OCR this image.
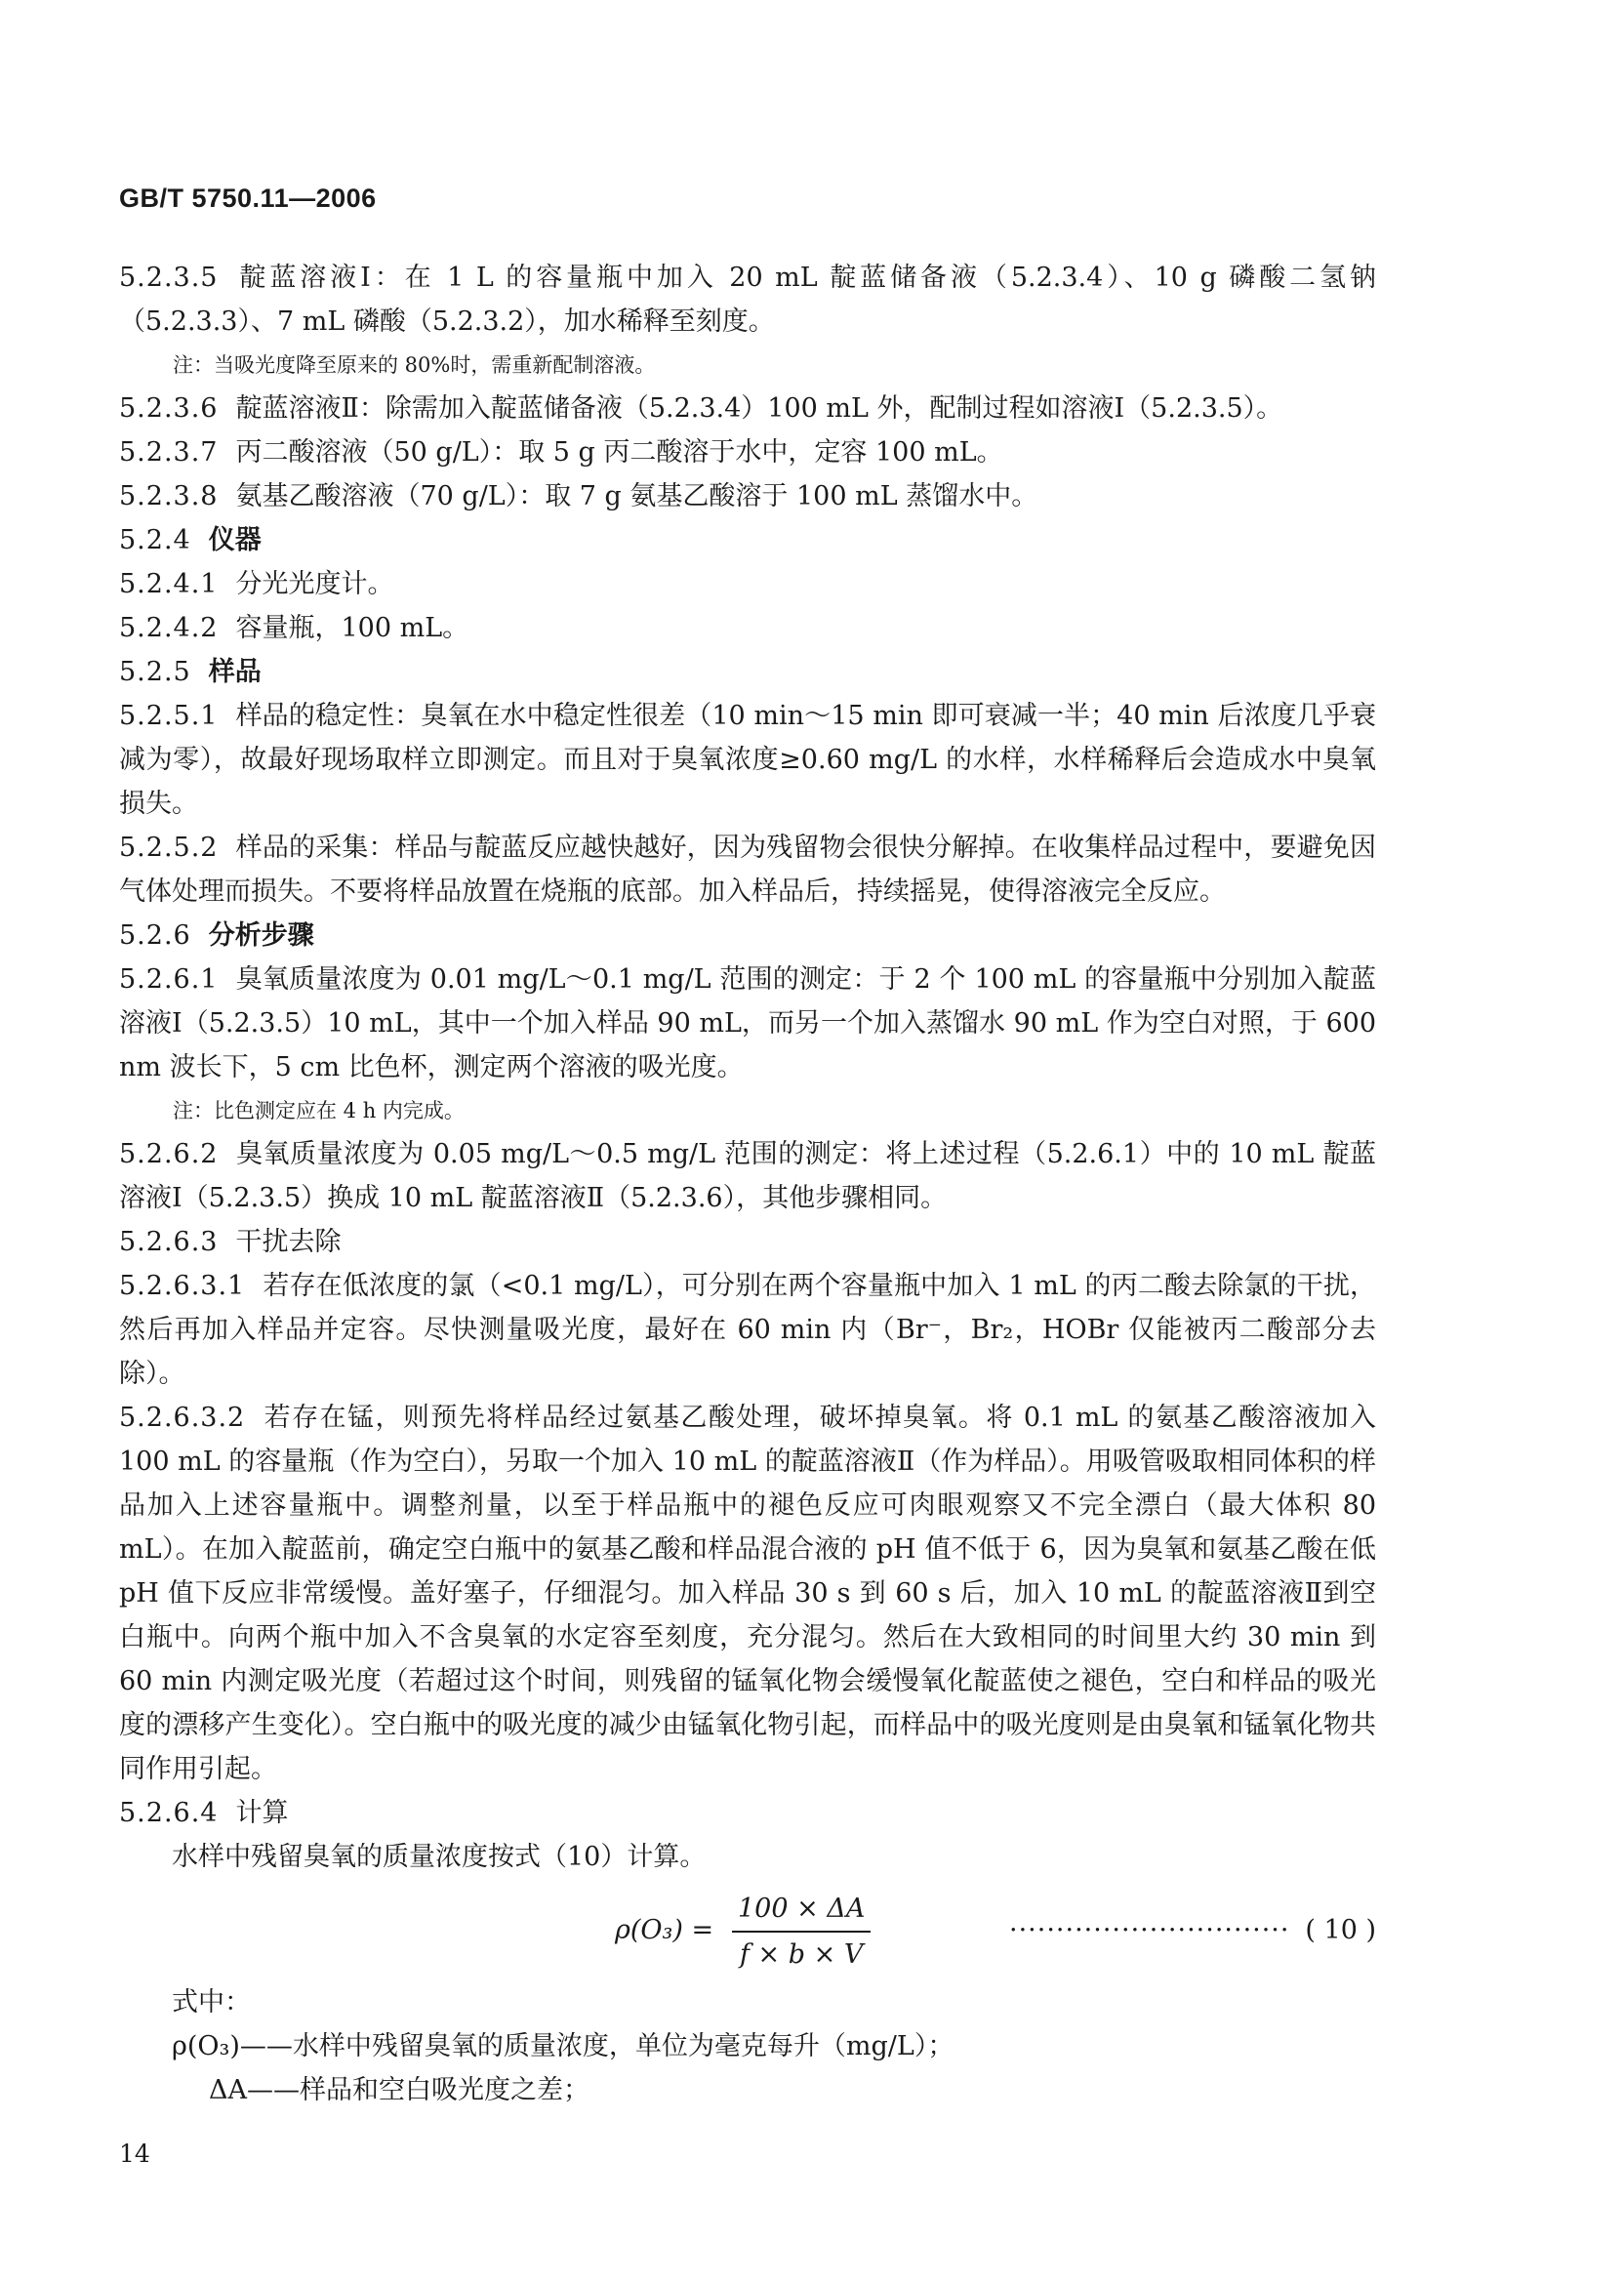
GB/T 5750.11—2006

5.2.3.5 靛蓝溶液Ⅰ：在 1 L 的容量瓶中加入 20 mL 靛蓝储备液（5.2.3.4）、10 g 磷酸二氢钠（5.2.3.3）、7 mL 磷酸（5.2.3.2），加水稀释至刻度。

注：当吸光度降至原来的 80%时，需重新配制溶液。

5.2.3.6 靛蓝溶液Ⅱ：除需加入靛蓝储备液（5.2.3.4）100 mL 外，配制过程如溶液Ⅰ（5.2.3.5）。

5.2.3.7 丙二酸溶液（50 g/L）：取 5 g 丙二酸溶于水中，定容 100 mL。

5.2.3.8 氨基乙酸溶液（70 g/L）：取 7 g 氨基乙酸溶于 100 mL 蒸馏水中。

5.2.4 仪器

5.2.4.1 分光光度计。

5.2.4.2 容量瓶，100 mL。

5.2.5 样品

5.2.5.1 样品的稳定性：臭氧在水中稳定性很差（10 min～15 min 即可衰减一半；40 min 后浓度几乎衰减为零），故最好现场取样立即测定。而且对于臭氧浓度≥0.60 mg/L 的水样，水样稀释后会造成水中臭氧损失。

5.2.5.2 样品的采集：样品与靛蓝反应越快越好，因为残留物会很快分解掉。在收集样品过程中，要避免因气体处理而损失。不要将样品放置在烧瓶的底部。加入样品后，持续摇晃，使得溶液完全反应。

5.2.6 分析步骤

5.2.6.1 臭氧质量浓度为 0.01 mg/L～0.1 mg/L 范围的测定：于 2 个 100 mL 的容量瓶中分别加入靛蓝溶液Ⅰ（5.2.3.5）10 mL，其中一个加入样品 90 mL，而另一个加入蒸馏水 90 mL 作为空白对照，于 600 nm 波长下，5 cm 比色杯，测定两个溶液的吸光度。

注：比色测定应在 4 h 内完成。

5.2.6.2 臭氧质量浓度为 0.05 mg/L～0.5 mg/L 范围的测定：将上述过程（5.2.6.1）中的 10 mL 靛蓝溶液Ⅰ（5.2.3.5）换成 10 mL 靛蓝溶液Ⅱ（5.2.3.6），其他步骤相同。

5.2.6.3 干扰去除

5.2.6.3.1 若存在低浓度的氯（<0.1 mg/L），可分别在两个容量瓶中加入 1 mL 的丙二酸去除氯的干扰，然后再加入样品并定容。尽快测量吸光度，最好在 60 min 内（Br⁻，Br₂，HOBr 仅能被丙二酸部分去除）。

5.2.6.3.2 若存在锰，则预先将样品经过氨基乙酸处理，破坏掉臭氧。将 0.1 mL 的氨基乙酸溶液加入 100 mL 的容量瓶（作为空白），另取一个加入 10 mL 的靛蓝溶液Ⅱ（作为样品）。用吸管吸取相同体积的样品加入上述容量瓶中。调整剂量，以至于样品瓶中的褪色反应可肉眼观察又不完全漂白（最大体积 80 mL）。在加入靛蓝前，确定空白瓶中的氨基乙酸和样品混合液的 pH 值不低于 6，因为臭氧和氨基乙酸在低 pH 值下反应非常缓慢。盖好塞子，仔细混匀。加入样品 30 s 到 60 s 后，加入 10 mL 的靛蓝溶液Ⅱ到空白瓶中。向两个瓶中加入不含臭氧的水定容至刻度，充分混匀。然后在大致相同的时间里大约 30 min 到 60 min 内测定吸光度（若超过这个时间，则残留的锰氧化物会缓慢氧化靛蓝使之褪色，空白和样品的吸光度的漂移产生变化）。空白瓶中的吸光度的减少由锰氧化物引起，而样品中的吸光度则是由臭氧和锰氧化物共同作用引起。

5.2.6.4 计算

水样中残留臭氧的质量浓度按式（10）计算。

$\rho(O_3) = \frac{100 \times \Delta A}{f \times b \times V}$	······························ ( 10 )

式中：

ρ(O₃)——水样中残留臭氧的质量浓度，单位为毫克每升（mg/L）；

ΔA——样品和空白吸光度之差；

14
